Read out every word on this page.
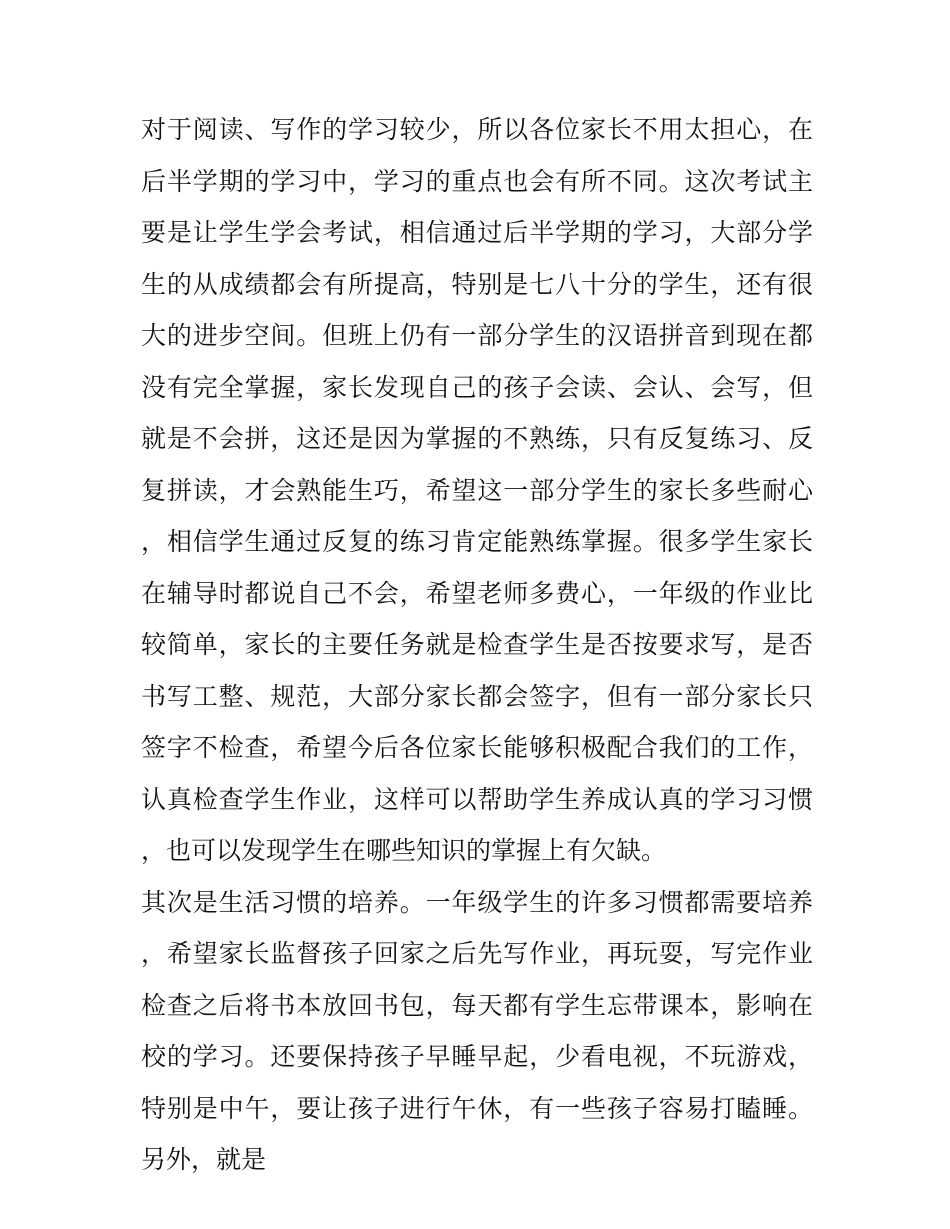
对于阅读、写作的学习较少，所以各位家长不用太担心，在后半学期的学习中，学习的重点也会有所不同。这次考试主要是让学生学会考试，相信通过后半学期的学习，大部分学生的从成绩都会有所提高，特别是七八十分的学生，还有很大的进步空间。但班上仍有一部分学生的汉语拼音到现在都没有完全掌握，家长发现自己的孩子会读、会认、会写，但就是不会拼，这还是因为掌握的不熟练，只有反复练习、反复拼读，才会熟能生巧，希望这一部分学生的家长多些耐心，相信学生通过反复的练习肯定能熟练掌握。很多学生家长在辅导时都说自己不会，希望老师多费心，一年级的作业比较简单，家长的主要任务就是检查学生是否按要求写，是否书写工整、规范，大部分家长都会签字，但有一部分家长只签字不检查，希望今后各位家长能够积极配合我们的工作，认真检查学生作业，这样可以帮助学生养成认真的学习习惯，也可以发现学生在哪些知识的掌握上有欠缺。

其次是生活习惯的培养。一年级学生的许多习惯都需要培养，希望家长监督孩子回家之后先写作业，再玩耍，写完作业检查之后将书本放回书包，每天都有学生忘带课本，影响在校的学习。还要保持孩子早睡早起，少看电视，不玩游戏，特别是中午，要让孩子进行午休，有一些孩子容易打瞌睡。另外，就是
